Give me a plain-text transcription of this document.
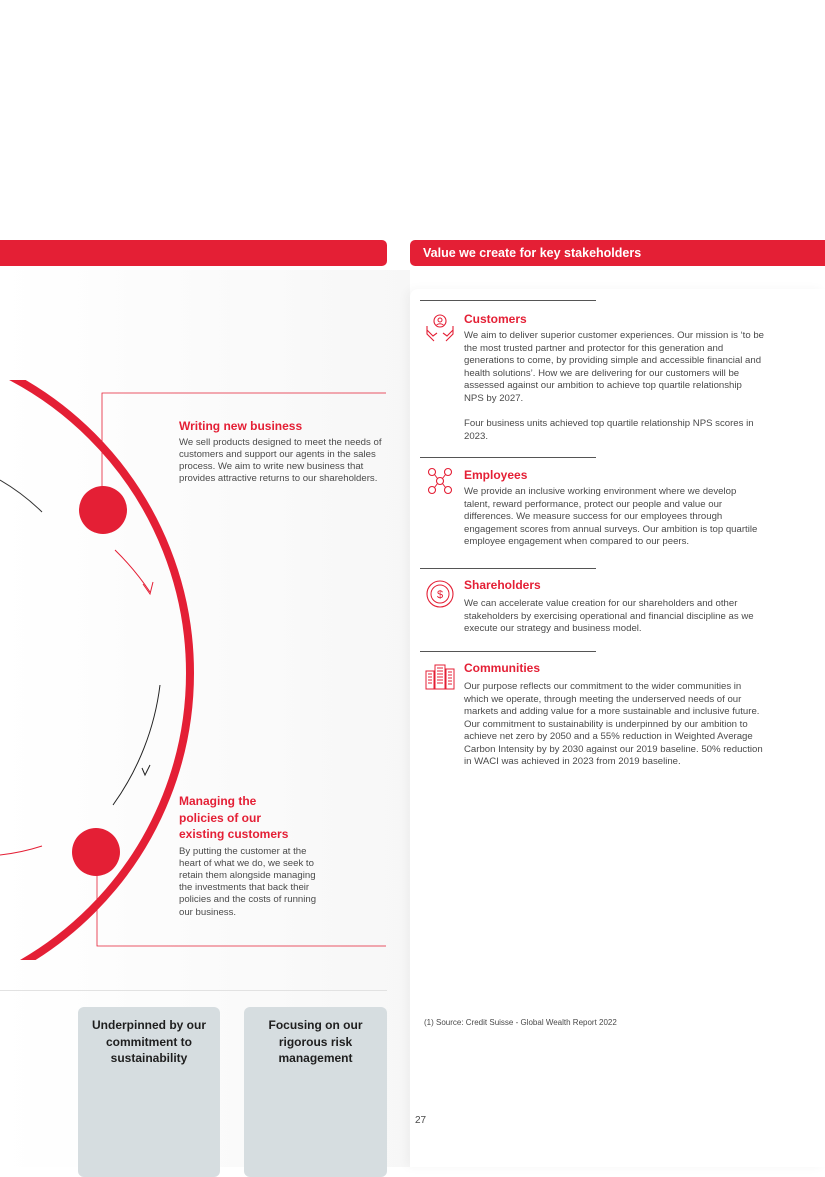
Value we create for key stakeholders

Writing new business

We sell products designed to meet the needs of customers and support our agents in the sales process. We aim to write new business that provides attractive returns to our shareholders.

Managing the

policies of our

existing customers

By putting the customer at the heart of what we do, we seek to retain them alongside managing the investments that back their policies and the costs of running our business.

Underpinned by our commitment to sustainability
Focusing on our rigorous risk management
Customers

We aim to deliver superior customer experiences. Our mission is ‘to be the most trusted partner and protector for this generation and generations to come, by providing simple and accessible financial and health solutions’. How we are delivering for our customers will be assessed against our ambition to achieve top quartile relationship NPS by 2027.

Four business units achieved top quartile relationship NPS scores in 2023.

Employees

We provide an inclusive working environment where we develop talent, reward performance, protect our people and value our differences. We measure success for our employees through engagement scores from annual surveys. Our ambition is top quartile employee engagement when compared to our peers.

$
Shareholders

We can accelerate value creation for our shareholders and other stakeholders by exercising operational and financial discipline as we execute our strategy and business model.

Communities

Our purpose reflects our commitment to the wider communities in which we operate, through meeting the underserved needs of our markets and adding value for a more sustainable and inclusive future. Our commitment to sustainability is underpinned by our ambition to achieve net zero by 2050 and a 55% reduction in Weighted Average Carbon Intensity by by 2030 against our 2019 baseline. 50% reduction in WACI was achieved in 2023 from 2019 baseline.

(1) Source: Credit Suisse - Global Wealth Report 2022
27
